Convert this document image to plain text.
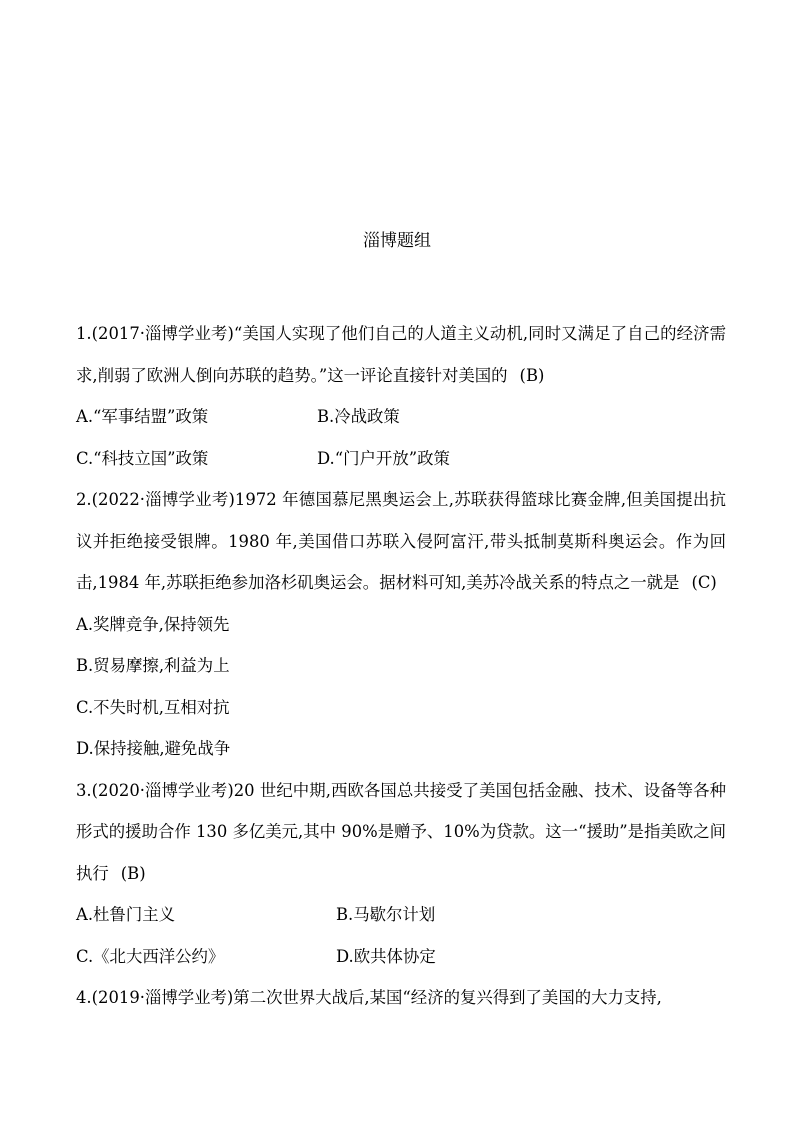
淄博题组

1.(2017·淄博学业考)“美国人实现了他们自己的人道主义动机,同时又满足了自己的经济需求,削弱了欧洲人倒向苏联的趋势。”这一评论直接针对美国的 (B)

A.“军事结盟”政策	B.冷战政策

C.“科技立国”政策	D.“门户开放”政策

2.(2022·淄博学业考)1972 年德国慕尼黑奥运会上,苏联获得篮球比赛金牌,但美国提出抗议并拒绝接受银牌。1980 年,美国借口苏联入侵阿富汗,带头抵制莫斯科奥运会。作为回击,1984 年,苏联拒绝参加洛杉矶奥运会。据材料可知,美苏冷战关系的特点之一就是 (C)

A.奖牌竞争,保持领先

B.贸易摩擦,利益为上

C.不失时机,互相对抗

D.保持接触,避免战争

3.(2020·淄博学业考)20 世纪中期,西欧各国总共接受了美国包括金融、技术、设备等各种形式的援助合作 130 多亿美元,其中 90%是赠予、10%为贷款。这一“援助”是指美欧之间执行 (B)

A.杜鲁门主义	B.马歇尔计划

C.《北大西洋公约》	D.欧共体协定

4.(2019·淄博学业考)第二次世界大战后,某国“经济的复兴得到了美国的大力支持,
